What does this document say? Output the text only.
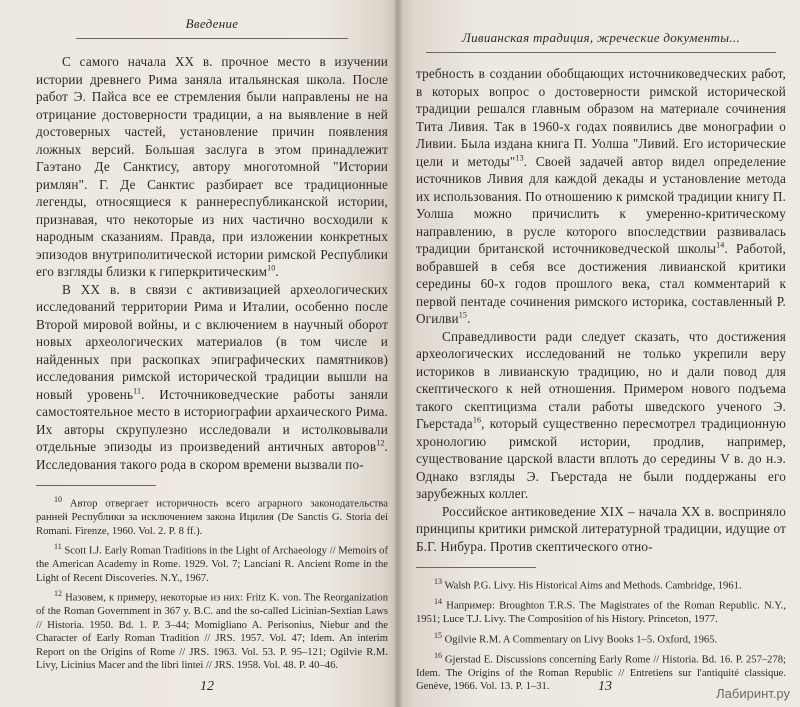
Введение

С самого начала XX в. прочное место в изучении истории древнего Рима заняла итальянская школа. После работ Э. Пайса все ее стремления были направлены не на отрицание достоверности традиции, а на выявление в ней достоверных частей, установление причин появления ложных версий. Большая заслуга в этом принадлежит Гаэтано Де Санктису, автору многотомной "Истории римлян". Г. Де Санктис разбирает все традиционные легенды, относящиеся к раннереспубликанской истории, признавая, что некоторые из них частично восходили к народным сказаниям. Правда, при изложении конкретных эпизодов внутриполитической истории римской Республики его взгляды близки к гиперкритическим$^{10}$.

В XX в. в связи с активизацией археологических исследований территории Рима и Италии, особенно после Второй мировой войны, и с включением в научный оборот новых археологических материалов (в том числе и найденных при раскопках эпиграфических памятников) исследования римской исторической традиции вышли на новый уровень$^{11}$. Источниковедческие работы заняли самостоятельное место в историографии архаического Рима. Их авторы скрупулезно исследовали и истолковывали отдельные эпизоды из произведений античных авторов$^{12}$. Исследования такого рода в скором времени вызвали по-

$^{10}$ Автор отвергает историчность всего аграрного законодательства ранней Республики за исключением закона Ицилия (De Sanctis G. Storia dei Romani. Firenze, 1960. Vol. 2. P. 8 ff.).

$^{11}$ Scott I.J. Early Roman Traditions in the Light of Archaeology // Memoirs of the American Academy in Rome. 1929. Vol. 7; Lanciani R. Ancient Rome in the Light of Recent Discoveries. N.Y., 1967.

$^{12}$ Назовем, к примеру, некоторые из них: Fritz K. von. The Reorganization of the Roman Government in 367 y. B.C. and the so-called Licinian-Sextian Laws // Historia. 1950. Bd. 1. P. 3–44; Momigliano A. Perisonius, Niebur and the Character of Early Roman Tradition // JRS. 1957. Vol. 47; Idem. An interim Report on the Origins of Rome // JRS. 1963. Vol. 53. P. 95–121; Ogilvie R.M. Livy, Licinius Macer and the libri lintei // JRS. 1958. Vol. 48. P. 40–46.

12
Ливианская традиция, жреческие документы...

требность в создании обобщающих источниковедческих работ, в которых вопрос о достоверности римской исторической традиции решался главным образом на материале сочинения Тита Ливия. Так в 1960-х годах появились две монографии о Ливии. Была издана книга П. Уолша "Ливий. Его исторические цели и методы"$^{13}$. Своей задачей автор видел определение источников Ливия для каждой декады и установление метода их использования. По отношению к римской традиции книгу П. Уолша можно причислить к умеренно-критическому направлению, в русле которого впоследствии развивалась традиции британской источниковедческой школы$^{14}$. Работой, вобравшей в себя все достижения ливианской критики середины 60-х годов прошлого века, стал комментарий к первой пентаде сочинения римского историка, составленный Р. Огилви$^{15}$.

Справедливости ради следует сказать, что достижения археологических исследований не только укрепили веру историков в ливианскую традицию, но и дали повод для скептического к ней отношения. Примером нового подъема такого скептицизма стали работы шведского ученого Э. Гьерстада$^{16}$, который существенно пересмотрел традиционную хронологию римской истории, продлив, например, существование царской власти вплоть до середины V в. до н.э. Однако взгляды Э. Гьерстада не были поддержаны его зарубежных коллег.

Российское антиковедение XIX – начала XX в. восприняло принципы критики римской литературной традиции, идущие от Б.Г. Нибура. Против скептического отно-

$^{13}$ Walsh P.G. Livy. His Historical Aims and Methods. Cambridge, 1961.

$^{14}$ Например: Broughton T.R.S. The Magistrates of the Roman Republic. N.Y., 1951; Luce T.J. Livy. The Composition of his History. Princeton, 1977.

$^{15}$ Ogilvie R.M. A Commentary on Livy Books 1–5. Oxford, 1965.

$^{16}$ Gjerstad E. Discussions concerning Early Rome // Historia. Bd. 16. P. 257–278; Idem. The Origins of the Roman Republic // Entretiens sur l'antiquité classique. Genève, 1966. Vol. 13. P. 1–31.	13	Лабиринт.ру
